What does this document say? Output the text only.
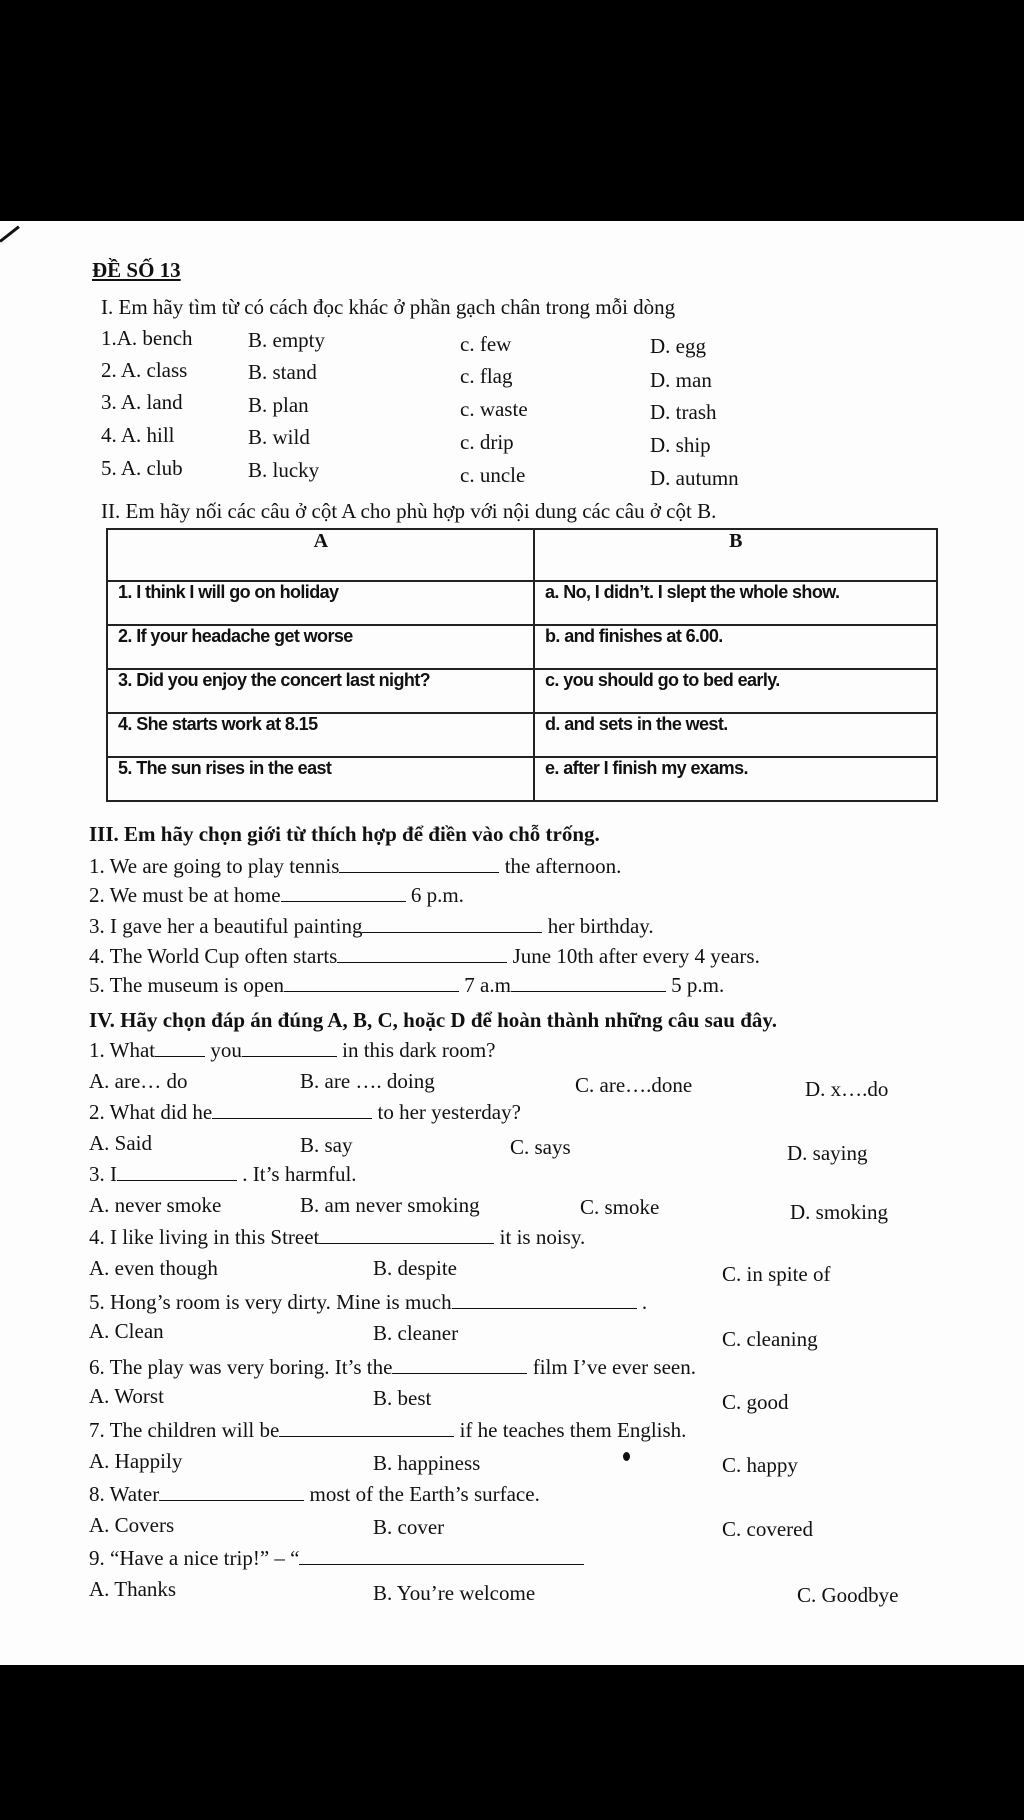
ĐỀ SỐ 13
I. Em hãy tìm từ có cách đọc khác ở phần gạch chân trong mỗi dòng
1.A. bench	B. empty	c. few	D. egg
2. A. class	B. stand	c. flag	D. man
3. A. land	B. plan	c. waste	D. trash
4. A. hill	B. wild	c. drip	D. ship
5. A. club	B. lucky	c. uncle	D. autumn
II. Em hãy nối các câu ở cột A cho phù hợp với nội dung các câu ở cột B.
A	B
1. I think I will go on holiday	a. No, I didn’t. I slept the whole show.
2. If your headache get worse	b. and finishes at 6.00.
3. Did you enjoy the concert last night?	c. you should go to bed early.
4. She starts work at 8.15	d. and sets in the west.
5. The sun rises in the east	e. after I finish my exams.
III. Em hãy chọn giới từ thích hợp để điền vào chỗ trống.
1. We are going to play tennis	the afternoon.
2. We must be at home	6 p.m.
3. I gave her a beautiful painting	her birthday.
4. The World Cup often starts	June 10th after every 4 years.
5. The museum is open	7 a.m	5 p.m.
IV. Hãy chọn đáp án đúng A, B, C, hoặc D để hoàn thành những câu sau đây.
1. What	you	in this dark room?
A. are… do	B. are …. doing	C. are….done	D. x….do
2. What did he	to her yesterday?
A. Said	B. say	C. says	D. saying
3. I	. It’s harmful.
A. never smoke	B. am never smoking	C. smoke	D. smoking
4. I like living in this Street	it is noisy.
A. even though	B. despite	C. in spite of
5. Hong’s room is very dirty. Mine is much	.
A. Clean	B. cleaner	C. cleaning
6. The play was very boring. It’s the	film I’ve ever seen.
A. Worst	B. best	C. good
7. The children will be	if he teaches them English.
A. Happily	B. happiness	C. happy
8. Water	most of the Earth’s surface.
A. Covers	B. cover	C. covered
9. “Have a nice trip!” – “
A. Thanks	B. You’re welcome	C. Goodbye
